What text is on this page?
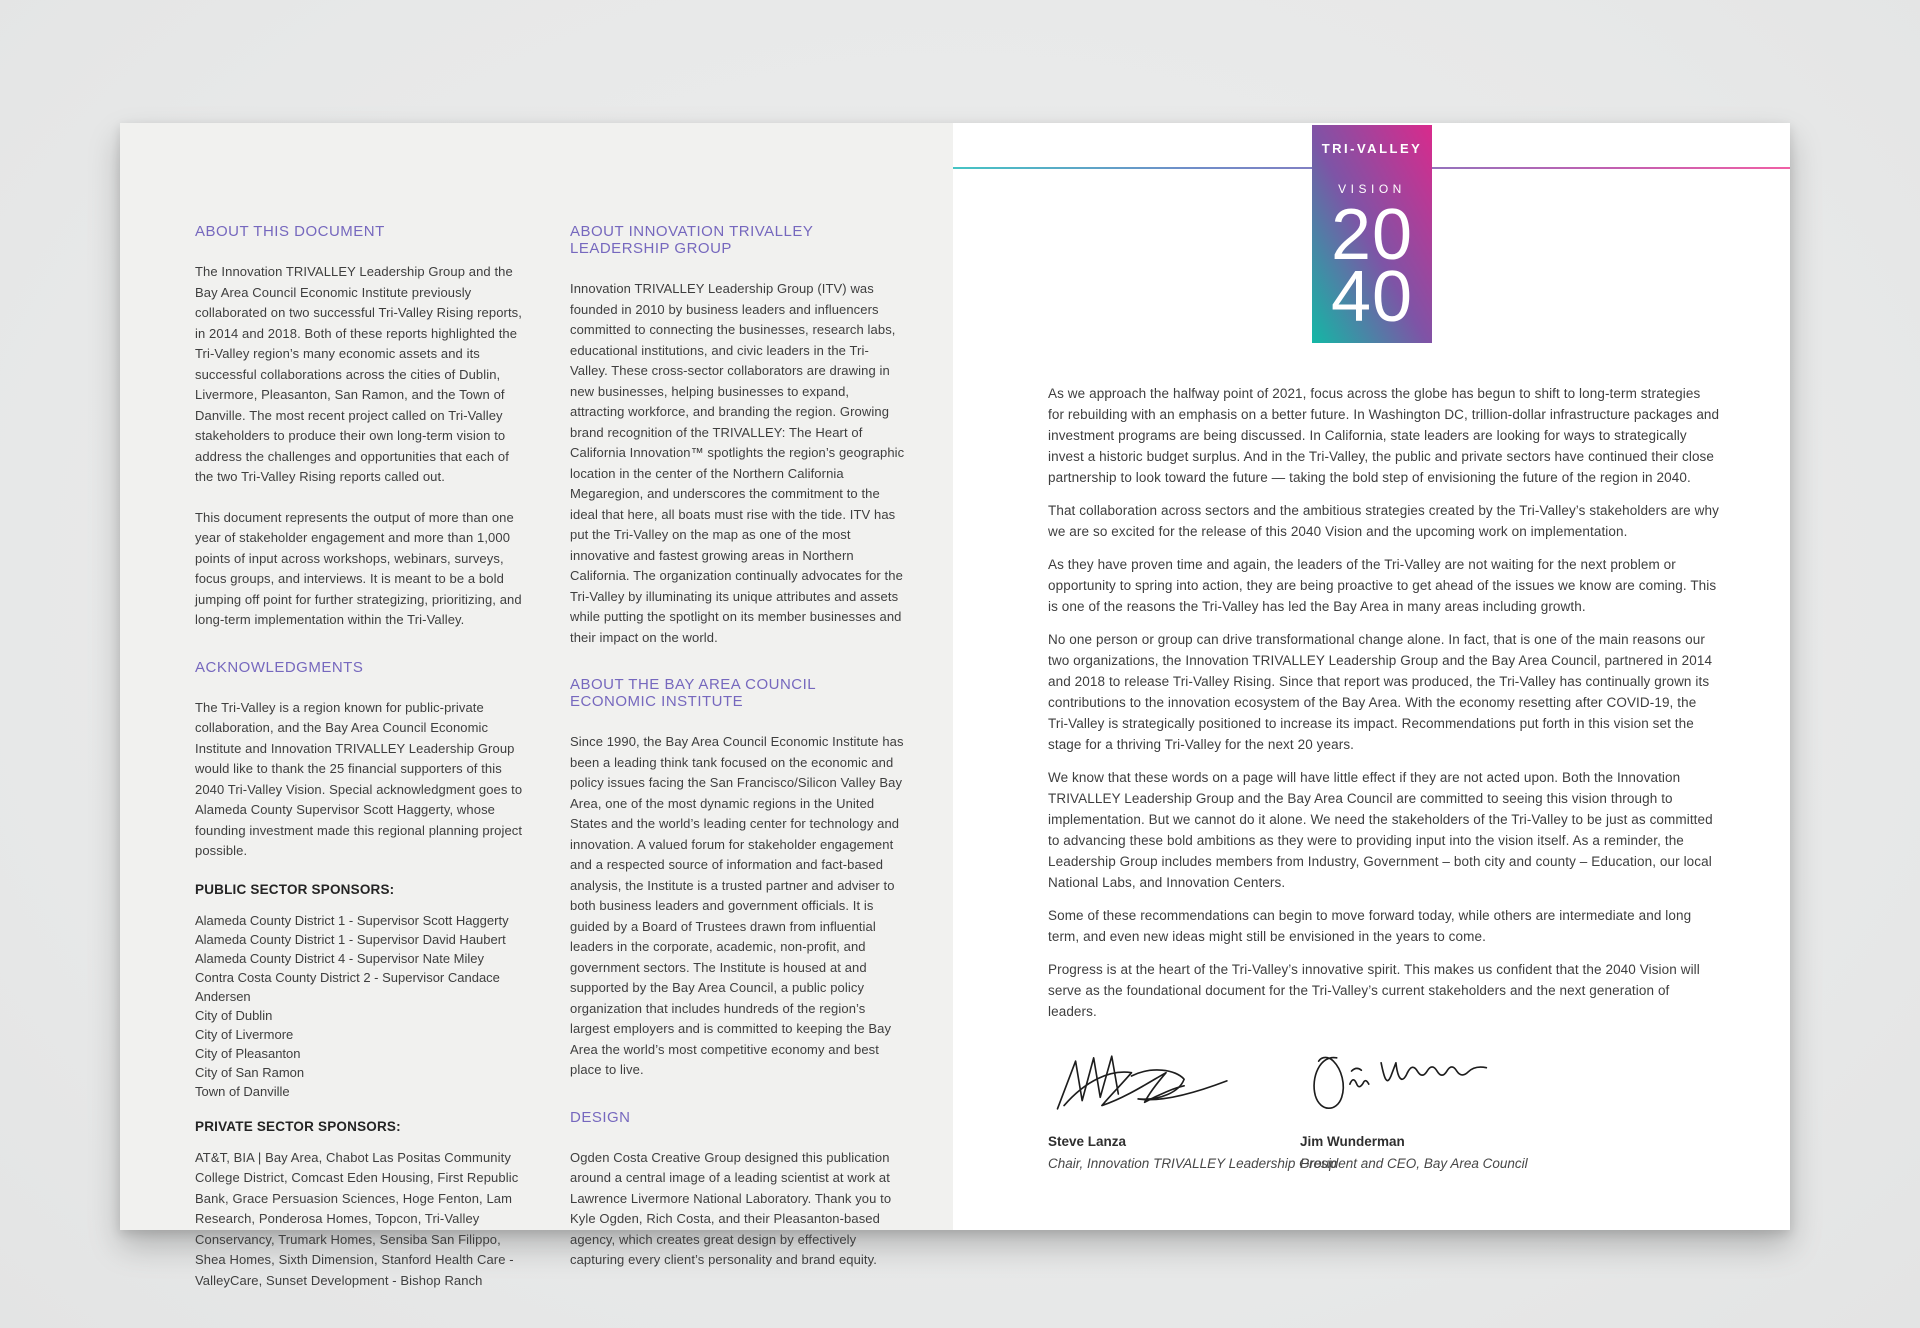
ABOUT THIS DOCUMENT

The Innovation TRIVALLEY Leadership Group and the Bay Area Council Economic Institute previously collaborated on two successful Tri-Valley Rising reports, in 2014 and 2018. Both of these reports highlighted the Tri-Valley region’s many economic assets and its successful collaborations across the cities of Dublin, Livermore, Pleasanton, San Ramon, and the Town of Danville. The most recent project called on Tri-Valley stakeholders to produce their own long-term vision to address the challenges and opportunities that each of the two Tri-Valley Rising reports called out.

This document represents the output of more than one year of stakeholder engagement and more than 1,000 points of input across workshops, webinars, surveys, focus groups, and interviews. It is meant to be a bold jumping off point for further strategizing, prioritizing, and long-term implementation within the Tri-Valley.

ACKNOWLEDGMENTS

The Tri-Valley is a region known for public-private collaboration, and the Bay Area Council Economic Institute and Innovation TRIVALLEY Leadership Group would like to thank the 25 financial supporters of this 2040 Tri-Valley Vision. Special acknowledgment goes to Alameda County Supervisor Scott Haggerty, whose founding investment made this regional planning project possible.

PUBLIC SECTOR SPONSORS:
Alameda County District 1 - Supervisor Scott Haggerty
Alameda County District 1 - Supervisor David Haubert
Alameda County District 4 - Supervisor Nate Miley
Contra Costa County District 2 - Supervisor Candace Andersen
City of Dublin
City of Livermore
City of Pleasanton
City of San Ramon
Town of Danville
PRIVATE SECTOR SPONSORS:

AT&T, BIA | Bay Area, Chabot Las Positas Community College District, Comcast Eden Housing, First Republic Bank, Grace Persuasion Sciences, Hoge Fenton, Lam Research, Ponderosa Homes, Topcon, Tri-Valley Conservancy, Trumark Homes, Sensiba San Filippo, Shea Homes, Sixth Dimension, Stanford Health Care - ValleyCare, Sunset Development - Bishop Ranch

ABOUT INNOVATION TRIVALLEY LEADERSHIP GROUP

Innovation TRIVALLEY Leadership Group (ITV) was founded in 2010 by business leaders and influencers committed to connecting the businesses, research labs, educational institutions, and civic leaders in the Tri-Valley. These cross-sector collaborators are drawing in new businesses, helping businesses to expand, attracting workforce, and branding the region. Growing brand recognition of the TRIVALLEY: The Heart of California Innovation™ spotlights the region’s geographic location in the center of the Northern California Megaregion, and underscores the commitment to the ideal that here, all boats must rise with the tide. ITV has put the Tri-Valley on the map as one of the most innovative and fastest growing areas in Northern California. The organization continually advocates for the Tri-Valley by illuminating its unique attributes and assets while putting the spotlight on its member businesses and their impact on the world.

ABOUT THE BAY AREA COUNCIL ECONOMIC INSTITUTE

Since 1990, the Bay Area Council Economic Institute has been a leading think tank focused on the economic and policy issues facing the San Francisco/Silicon Valley Bay Area, one of the most dynamic regions in the United States and the world’s leading center for technology and innovation. A valued forum for stakeholder engagement and a respected source of information and fact-based analysis, the Institute is a trusted partner and adviser to both business leaders and government officials. It is guided by a Board of Trustees drawn from influential leaders in the corporate, academic, non-profit, and government sectors. The Institute is housed at and supported by the Bay Area Council, a public policy organization that includes hundreds of the region’s largest employers and is committed to keeping the Bay Area the world’s most competitive economy and best place to live.

DESIGN

Ogden Costa Creative Group designed this publication around a central image of a leading scientist at work at Lawrence Livermore National Laboratory. Thank you to Kyle Ogden, Rich Costa, and their Pleasanton-based agency, which creates great design by effectively capturing every client’s personality and brand equity.

TRI-VALLEY
VISION
20
40

As we approach the halfway point of 2021, focus across the globe has begun to shift to long-term strategies for rebuilding with an emphasis on a better future. In Washington DC, trillion-dollar infrastructure packages and investment programs are being discussed. In California, state leaders are looking for ways to strategically invest a historic budget surplus. And in the Tri-Valley, the public and private sectors have continued their close partnership to look toward the future — taking the bold step of envisioning the future of the region in 2040.

That collaboration across sectors and the ambitious strategies created by the Tri-Valley’s stakeholders are why we are so excited for the release of this 2040 Vision and the upcoming work on implementation.

As they have proven time and again, the leaders of the Tri-Valley are not waiting for the next problem or opportunity to spring into action, they are being proactive to get ahead of the issues we know are coming. This is one of the reasons the Tri-Valley has led the Bay Area in many areas including growth.

No one person or group can drive transformational change alone. In fact, that is one of the main reasons our two organizations, the Innovation TRIVALLEY Leadership Group and the Bay Area Council, partnered in 2014 and 2018 to release Tri-Valley Rising. Since that report was produced, the Tri-Valley has continually grown its contributions to the innovation ecosystem of the Bay Area. With the economy resetting after COVID-19, the Tri-Valley is strategically positioned to increase its impact. Recommendations put forth in this vision set the stage for a thriving Tri-Valley for the next 20 years.

We know that these words on a page will have little effect if they are not acted upon. Both the Innovation TRIVALLEY Leadership Group and the Bay Area Council are committed to seeing this vision through to implementation. But we cannot do it alone. We need the stakeholders of the Tri-Valley to be just as committed to advancing these bold ambitions as they were to providing input into the vision itself. As a reminder, the Leadership Group includes members from Industry, Government – both city and county – Education, our local National Labs, and Innovation Centers.

Some of these recommendations can begin to move forward today, while others are intermediate and long term, and even new ideas might still be envisioned in the years to come.

Progress is at the heart of the Tri-Valley’s innovative spirit. This makes us confident that the 2040 Vision will serve as the foundational document for the Tri-Valley’s current stakeholders and the next generation of leaders.

Steve Lanza
Chair, Innovation TRIVALLEY Leadership Group
Jim Wunderman
President and CEO, Bay Area Council
